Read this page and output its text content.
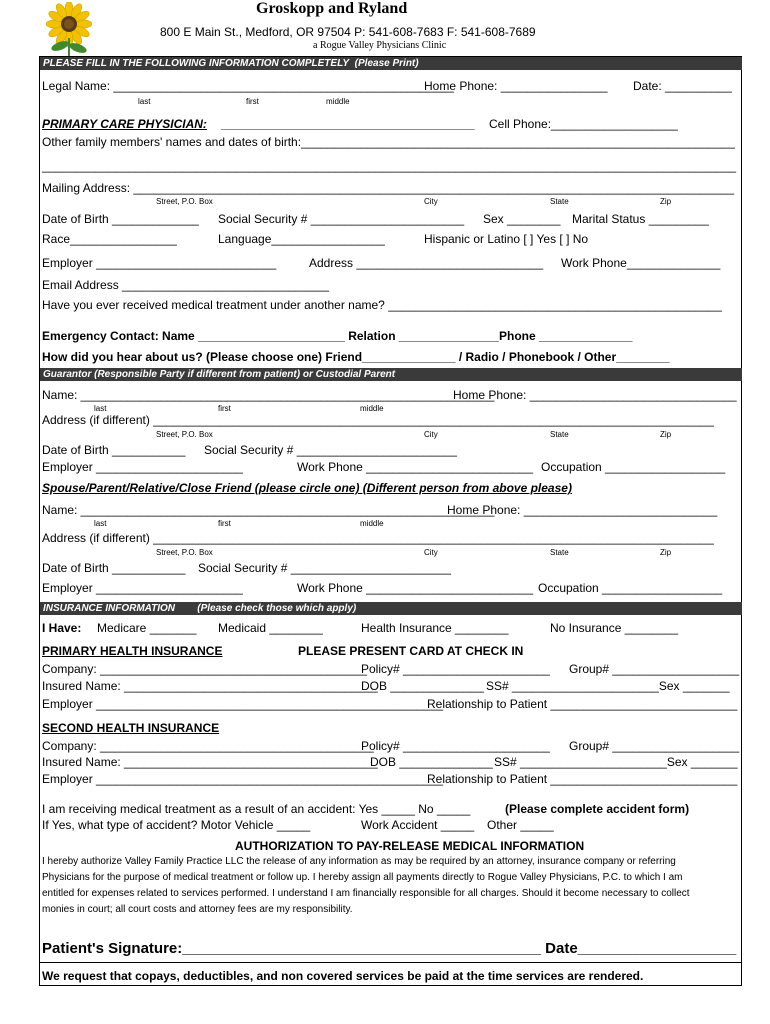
Groskopp and Ryland
800 E Main St., Medford, OR 97504 P: 541-608-7683 F: 541-608-7689
a Rogue Valley Physicians Clinic
PLEASE FILL IN THE FOLLOWING INFORMATION COMPLETELY (Please Print)
Legal Name: ___________________________________________________
Home Phone: ________________ Date: __________
last	first	middle
PRIMARY CARE PHYSICIAN: ______________________________________ Cell Phone:___________________
Other family members' names and dates of birth:_________________________________________________________________
________________________________________________________________________________________________________
Mailing Address: __________________________________________________________________________________________
Street, P.O. Box	City	State	Zip
Date of Birth _____________ Social Security # _______________________ Sex ________ Marital Status _________
Race________________	Language_________________	Hispanic or Latino [ ] Yes [ ] No
Employer ___________________________	Address ____________________________ Work Phone______________
Email Address _______________________________
Have you ever received medical treatment under another name? __________________________________________________
Emergency Contact: Name ______________________ Relation _______________Phone ______________
How did you hear about us? (Please choose one) Friend______________ / Radio / Phonebook / Other________
Guarantor (Responsible Party if different from patient) or Custodial Parent
Name: ______________________________________________________________
Home Phone: _______________________________
last	first	middle
Address (if different) ____________________________________________________________________________________
Street, P.O. Box	City	State	Zip
Date of Birth ___________ Social Security # ________________________
Employer ______________________	Work Phone _________________________ Occupation __________________
Spouse/Parent/Relative/Close Friend (please circle one) (Different person from above please)
Name: ______________________________________________________________
Home Phone: _____________________________
last	first	middle
Address (if different) ____________________________________________________________________________________
Street, P.O. Box	City	State	Zip
Date of Birth ___________ Social Security # ________________________
Employer ______________________	Work Phone _________________________ Occupation __________________
INSURANCE INFORMATION (Please check those which apply)
I Have: Medicare _______ Medicaid ________	Health Insurance ________	No Insurance ________
PRIMARY HEALTH INSURANCE	PLEASE PRESENT CARD AT CHECK IN
Company: ________________________________________
Policy# ______________________ Group# ___________________
Insured Name: ______________________________________
DOB ______________ SS# ______________________Sex _______
Employer ____________________________________________________
Relationship to Patient ____________________________
SECOND HEALTH INSURANCE
Company: _________________________________________
Policy# ______________________ Group# ___________________
Insured Name: ______________________________________
DOB ______________ SS# ______________________Sex _______
Employer ____________________________________________________
Relationship to Patient ____________________________
I am receiving medical treatment as a result of an accident: Yes _____ No _____	(Please complete accident form)
If Yes, what type of accident? Motor Vehicle _____	Work Accident _____ Other _____
AUTHORIZATION TO PAY-RELEASE MEDICAL INFORMATION
I hereby authorize Valley Family Practice LLC the release of any information as may be required by an attorney, insurance company or referring Physicians for the purpose of medical treatment or follow up. I hereby assign all payments directly to Rogue Valley Physicians, P.C. to which I am entitled for expenses related to services performed. I understand I am financially responsible for all charges. Should it become necessary to collect monies in court; all court costs and attorney fees are my responsibility.
Patient's Signature:___________________________________________ Date___________________
We request that copays, deductibles, and non covered services be paid at the time services are rendered.
